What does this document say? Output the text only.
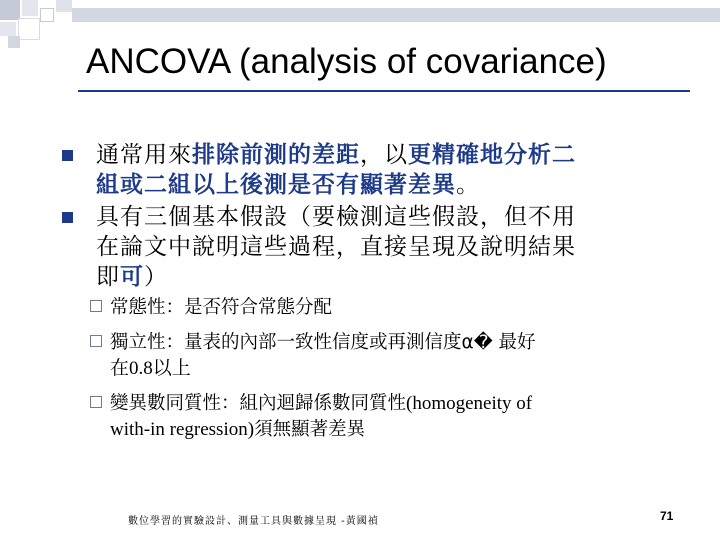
ANCOVA (analysis of covariance)
通常用來排除前測的差距，以更精確地分析二
組或二組以上後測是否有顯著差異。
具有三個基本假設（要檢測這些假設，但不用
在論文中說明這些過程，直接呈現及說明結果
即可）
常態性：是否符合常態分配
獨立性：量表的內部一致性信度或再測信度α� 最好
在0.8以上
變異數同質性：組內迴歸係數同質性(homogeneity of
with-in regression)須無顯著差異
數位學習的實驗設計、測量工具與數據呈現 -黃國禎	71
